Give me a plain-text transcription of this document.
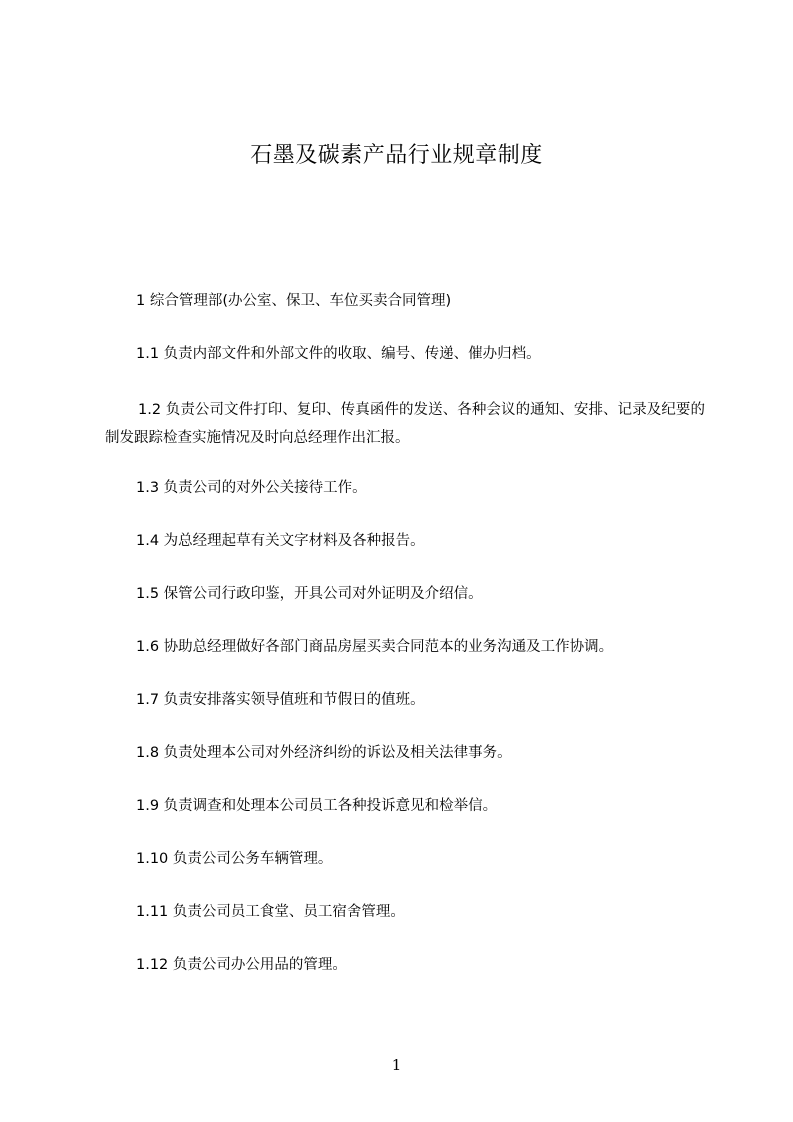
石墨及碳素产品行业规章制度
1 综合管理部(办公室、保卫、车位买卖合同管理)
1.1 负责内部文件和外部文件的收取、编号、传递、催办归档。
1.2 负责公司文件打印、复印、传真函件的发送、各种会议的通知、安排、记录及纪要的制发跟踪检查实施情况及时向总经理作出汇报。
1.3 负责公司的对外公关接待工作。
1.4 为总经理起草有关文字材料及各种报告。
1.5 保管公司行政印鉴，开具公司对外证明及介绍信。
1.6 协助总经理做好各部门商品房屋买卖合同范本的业务沟通及工作协调。
1.7 负责安排落实领导值班和节假日的值班。
1.8 负责处理本公司对外经济纠纷的诉讼及相关法律事务。
1.9 负责调查和处理本公司员工各种投诉意见和检举信。
1.10 负责公司公务车辆管理。
1.11 负责公司员工食堂、员工宿舍管理。
1.12 负责公司办公用品的管理。
1
